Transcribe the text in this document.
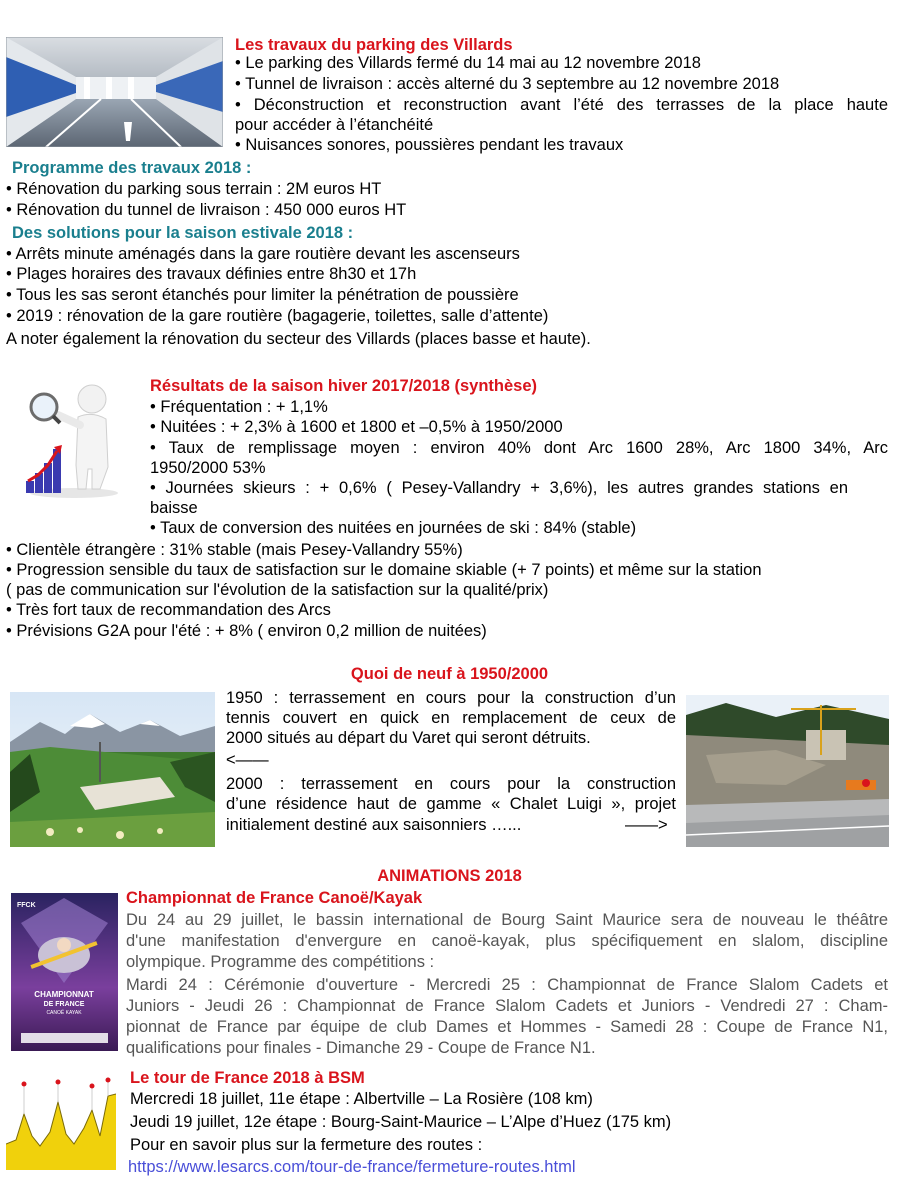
Les travaux du parking des Villards
• Le parking des Villards fermé du 14 mai au 12 novembre 2018
• Tunnel de livraison : accès alterné du 3 septembre au 12 novembre 2018
• Déconstruction et reconstruction avant l’été des terrasses de la place haute
pour accéder à l’étanchéité
• Nuisances sonores, poussières pendant les travaux
Programme des travaux 2018 :
• Rénovation du parking sous terrain : 2M euros HT
• Rénovation du tunnel de livraison : 450 000 euros HT
Des solutions pour la saison estivale 2018 :
• Arrêts minute aménagés dans la gare routière devant les ascenseurs
• Plages horaires des travaux définies entre 8h30 et 17h
• Tous les sas seront étanchés pour limiter la pénétration de poussière
• 2019 : rénovation de la gare routière (bagagerie, toilettes, salle d’attente)
A noter également la rénovation du secteur des Villards (places basse et haute).
Résultats de la saison hiver 2017/2018 (synthèse)
• Fréquentation : + 1,1%
• Nuitées : + 2,3% à 1600 et 1800 et –0,5% à 1950/2000
• Taux de remplissage moyen : environ 40% dont Arc 1600 28%, Arc 1800 34%, Arc
1950/2000 53%
• Journées skieurs : + 0,6% ( Pesey-Vallandry + 3,6%), les autres grandes stations en
baisse
• Taux de conversion des nuitées en journées de ski : 84% (stable)
• Clientèle étrangère : 31% stable (mais Pesey-Vallandry 55%)
• Progression sensible du taux de satisfaction sur le domaine skiable (+ 7 points) et même sur la station
( pas de communication sur l'évolution de la satisfaction sur la qualité/prix)
• Très fort taux de recommandation des Arcs
• Prévisions G2A pour l'été : + 8% ( environ 0,2 million de nuitées)
Quoi de neuf à 1950/2000
1950 : terrassement en cours pour la construction d’un
tennis couvert en quick en remplacement de ceux de
2000 situés au départ du Varet qui seront détruits.
<——
2000 : terrassement en cours pour la construction
d’une résidence haut de gamme « Chalet Luigi », projet
initialement destiné aux saisonniers …...	——>
ANIMATIONS 2018
FFCK
CHAMPIONNAT
DE FRANCE
CANOË KAYAK
Championnat de France Canoë/Kayak
Du 24 au 29 juillet, le bassin international de Bourg Saint Maurice sera de nouveau le théâtre
d'une manifestation d'envergure en canoë-kayak, plus spécifiquement en slalom, discipline
olympique. Programme des compétitions :
Mardi 24 : Cérémonie d'ouverture - Mercredi 25 : Championnat de France Slalom Cadets et
Juniors - Jeudi 26 : Championnat de France Slalom Cadets et Juniors - Vendredi 27 : Cham-
pionnat de France par équipe de club Dames et Hommes - Samedi 28 : Coupe de France N1,
qualifications pour finales - Dimanche 29 - Coupe de France N1.
Le tour de France 2018 à BSM
Mercredi 18 juillet, 11e étape : Albertville – La Rosière (108 km)
Jeudi 19 juillet, 12e étape : Bourg-Saint-Maurice – L’Alpe d’Huez (175 km)
Pour en savoir plus sur la fermeture des routes :
https://www.lesarcs.com/tour-de-france/fermeture-routes.html
